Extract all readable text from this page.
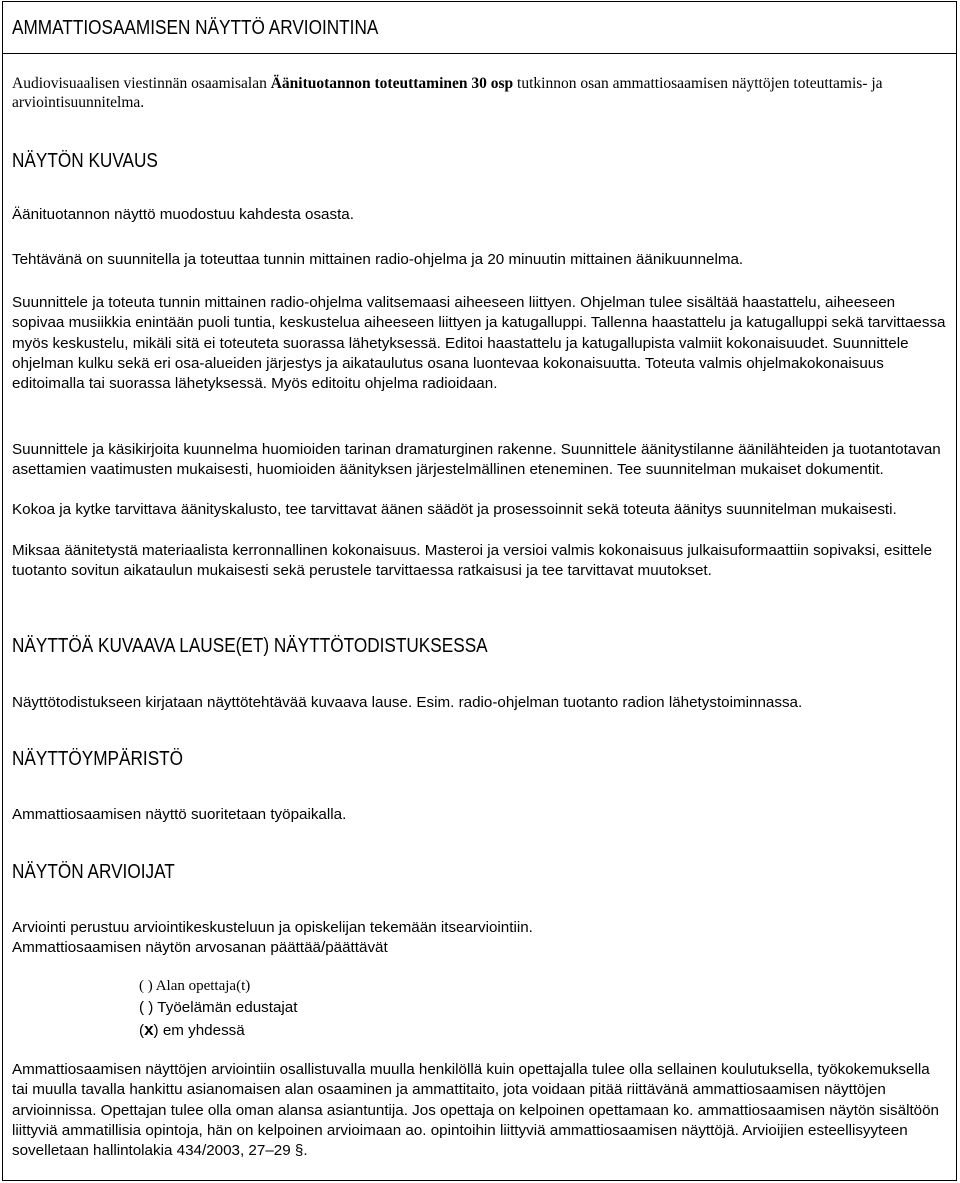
AMMATTIOSAAMISEN NÄYTTÖ ARVIOINTINA
Audiovisuaalisen viestinnän osaamisalan Äänituotannon toteuttaminen 30 osp tutkinnon osan ammattiosaamisen näyttöjen toteuttamis- ja arviointisuunnitelma.
NÄYTÖN KUVAUS

Äänituotannon näyttö muodostuu kahdesta osasta.

Tehtävänä on suunnitella ja toteuttaa tunnin mittainen radio-ohjelma ja 20 minuutin mittainen äänikuunnelma.

Suunnittele ja toteuta tunnin mittainen radio-ohjelma valitsemaasi aiheeseen liittyen. Ohjelman tulee sisältää haastattelu, aiheeseen sopivaa musiikkia enintään puoli tuntia, keskustelua aiheeseen liittyen ja katugalluppi. Tallenna haastattelu ja katugalluppi sekä tarvittaessa myös keskustelu, mikäli sitä ei toteuteta suorassa lähetyksessä. Editoi haastattelu ja katugallupista valmiit kokonaisuudet. Suunnittele ohjelman kulku sekä eri osa-alueiden järjestys ja aikataulutus osana luontevaa kokonaisuutta. Toteuta valmis ohjelmakokonaisuus editoimalla tai suorassa lähetyksessä. Myös editoitu ohjelma radioidaan.

Suunnittele ja käsikirjoita kuunnelma huomioiden tarinan dramaturginen rakenne. Suunnittele äänitystilanne äänilähteiden ja tuotantotavan asettamien vaatimusten mukaisesti, huomioiden äänityksen järjestelmällinen eteneminen. Tee suunnitelman mukaiset dokumentit.

Kokoa ja kytke tarvittava äänityskalusto, tee tarvittavat äänen säädöt ja prosessoinnit sekä toteuta äänitys suunnitelman mukaisesti.

Miksaa äänitetystä materiaalista kerronnallinen kokonaisuus. Masteroi ja versioi valmis kokonaisuus julkaisuformaattiin sopivaksi, esittele tuotanto sovitun aikataulun mukaisesti sekä perustele tarvittaessa ratkaisusi ja tee tarvittavat muutokset.

NÄYTTÖÄ KUVAAVA LAUSE(ET) NÄYTTÖTODISTUKSESSA

Näyttötodistukseen kirjataan näyttötehtävää kuvaava lause. Esim. radio-ohjelman tuotanto radion lähetystoiminnassa.

NÄYTTÖYMPÄRISTÖ

Ammattiosaamisen näyttö suoritetaan työpaikalla.

NÄYTÖN ARVIOIJAT

Arviointi perustuu arviointikeskusteluun ja opiskelijan tekemään itsearviointiin.

Ammattiosaamisen näytön arvosanan päättää/päättävät

( ) Alan opettaja(t)
( ) Työelämän edustajat
(x) em yhdessä

Ammattiosaamisen näyttöjen arviointiin osallistuvalla muulla henkilöllä kuin opettajalla tulee olla sellainen koulutuksella, työkokemuksella tai muulla tavalla hankittu asianomaisen alan osaaminen ja ammattitaito, jota voidaan pitää riittävänä ammattiosaamisen näyttöjen arvioinnissa. Opettajan tulee olla oman alansa asiantuntija. Jos opettaja on kelpoinen opettamaan ko. ammattiosaamisen näytön sisältöön liittyviä ammatillisia opintoja, hän on kelpoinen arvioimaan ao. opintoihin liittyviä ammattiosaamisen näyttöjä. Arvioijien esteellisyyteen sovelletaan hallintolakia 434/2003, 27–29 §.
